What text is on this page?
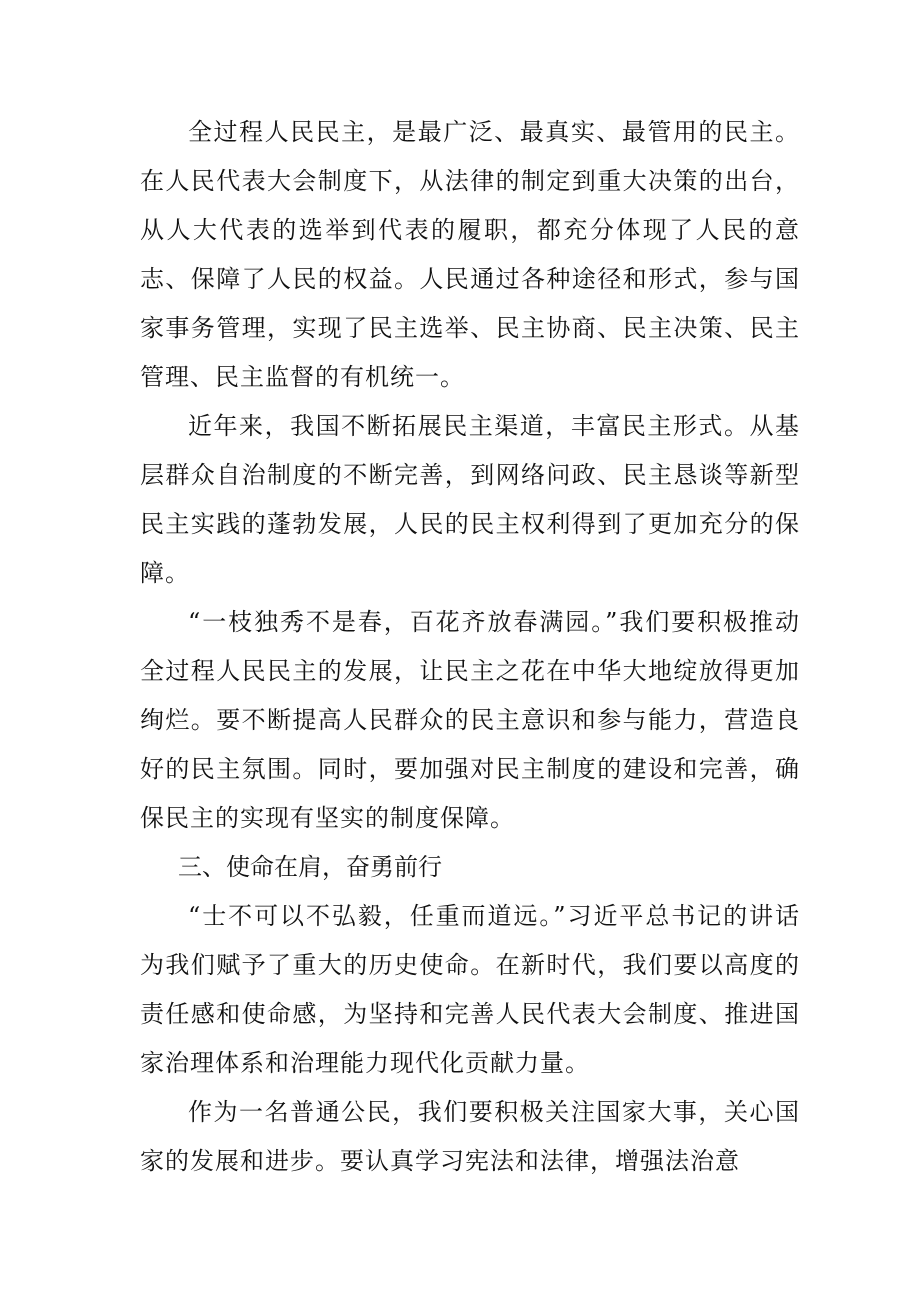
全过程人民民主，是最广泛、最真实、最管用的民主。在人民代表大会制度下，从法律的制定到重大决策的出台，从人大代表的选举到代表的履职，都充分体现了人民的意志、保障了人民的权益。人民通过各种途径和形式，参与国家事务管理，实现了民主选举、民主协商、民主决策、民主管理、民主监督的有机统一。

近年来，我国不断拓展民主渠道，丰富民主形式。从基层群众自治制度的不断完善，到网络问政、民主恳谈等新型民主实践的蓬勃发展，人民的民主权利得到了更加充分的保障。

“一枝独秀不是春，百花齐放春满园。”我们要积极推动全过程人民民主的发展，让民主之花在中华大地绽放得更加绚烂。要不断提高人民群众的民主意识和参与能力，营造良好的民主氛围。同时，要加强对民主制度的建设和完善，确保民主的实现有坚实的制度保障。

三、使命在肩，奋勇前行

“士不可以不弘毅，任重而道远。”习近平总书记的讲话为我们赋予了重大的历史使命。在新时代，我们要以高度的责任感和使命感，为坚持和完善人民代表大会制度、推进国家治理体系和治理能力现代化贡献力量。

作为一名普通公民，我们要积极关注国家大事，关心国家的发展和进步。要认真学习宪法和法律，增强法治意
